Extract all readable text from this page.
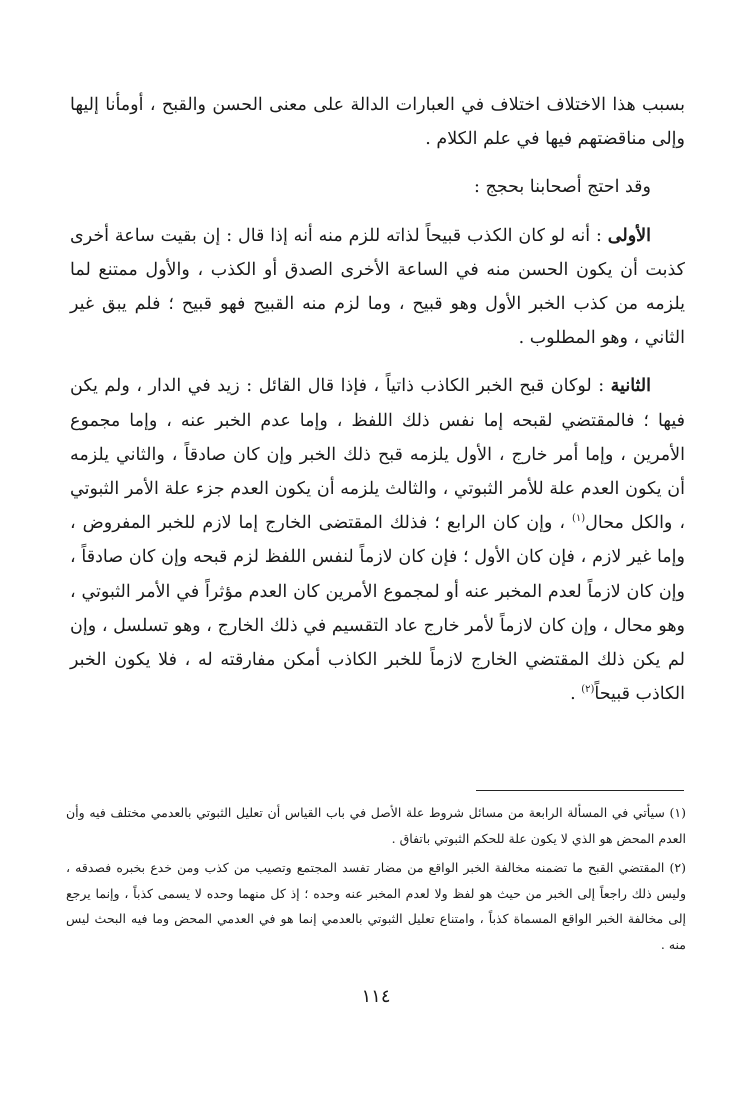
بسبب هذا الاختلاف اختلاف في العبارات الدالة على معنى الحسن والقبح ، أومأنا إليها وإلى مناقضتهم فيها في علم الكلام .

وقد احتج أصحابنا بحجج :

الأولى : أنه لو كان الكذب قبيحاً لذاته للزم منه أنه إذا قال : إن بقيت ساعة أخرى كذبت أن يكون الحسن منه في الساعة الأخرى الصدق أو الكذب ، والأول ممتنع لما يلزمه من كذب الخبر الأول وهو قبيح ، وما لزم منه القبيح فهو قبيح ؛ فلم يبق غير الثاني ، وهو المطلوب .

الثانية : لوكان قبح الخبر الكاذب ذاتياً ، فإذا قال القائل : زيد في الدار ، ولم يكن فيها ؛ فالمقتضي لقبحه إما نفس ذلك اللفظ ، وإما عدم الخبر عنه ، وإما مجموع الأمرين ، وإما أمر خارج ، الأول يلزمه قبح ذلك الخبر وإن كان صادقاً ، والثاني يلزمه أن يكون العدم علة للأمر الثبوتي ، والثالث يلزمه أن يكون العدم جزء علة الأمر الثبوتي ، والكل محال$^{(١)}$ ، وإن كان الرابع ؛ فذلك المقتضى الخارج إما لازم للخبر المفروض ، وإما غير لازم ، فإن كان الأول ؛ فإن كان لازماً لنفس اللفظ لزم قبحه وإن كان صادقاً ، وإن كان لازماً لعدم المخبر عنه أو لمجموع الأمرين كان العدم مؤثراً في الأمر الثبوتي ، وهو محال ، وإن كان لازماً لأمر خارج عاد التقسيم في ذلك الخارج ، وهو تسلسل ، وإن لم يكن ذلك المقتضي الخارج لازماً للخبر الكاذب أمكن مفارقته له ، فلا يكون الخبر الكاذب قبيحاً$^{(٢)}$ .

(١) سيأتي في المسألة الرابعة من مسائل شروط علة الأصل في باب القياس أن تعليل الثبوتي بالعدمي مختلف فيه وأن العدم المحض هو الذي لا يكون علة للحكم الثبوتي باتفاق .

(٢) المقتضي القبح ما تضمنه مخالفة الخبر الواقع من مضار تفسد المجتمع وتصيب من كذب ومن خدع بخبره فصدقه ، وليس ذلك راجعاً إلى الخبر من حيث هو لفظ ولا لعدم المخبر عنه وحده ؛ إذ كل منهما وحده لا يسمى كذباً ، وإنما يرجع إلى مخالفة الخبر الواقع المسماة كذباً ، وامتناع تعليل الثبوتي بالعدمي إنما هو في العدمي المحض وما فيه البحث ليس منه .

١١٤
